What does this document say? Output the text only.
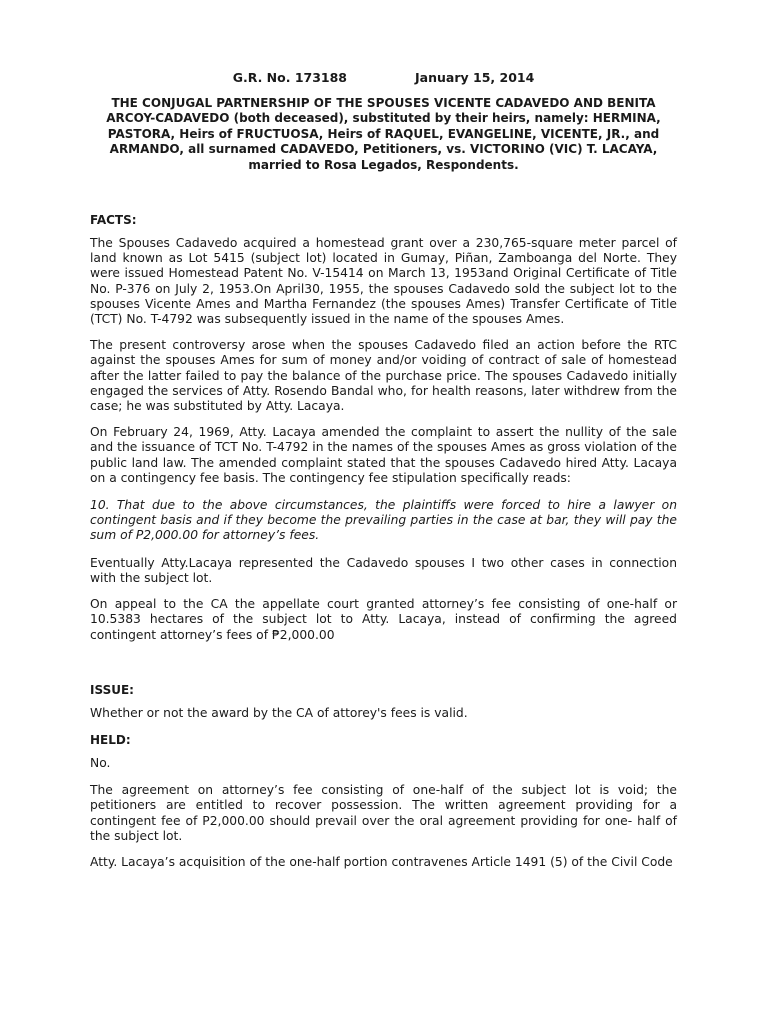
G.R. No. 173188	January 15, 2014

THE CONJUGAL PARTNERSHIP OF THE SPOUSES VICENTE CADAVEDO AND BENITA ARCOY-CADAVEDO (both deceased), substituted by their heirs, namely: HERMINA, PASTORA, Heirs of FRUCTUOSA, Heirs of RAQUEL, EVANGELINE, VICENTE, JR., and ARMANDO, all surnamed CADAVEDO, Petitioners, vs. VICTORINO (VIC) T. LACAYA, married to Rosa Legados, Respondents.

FACTS:

The Spouses Cadavedo acquired a homestead grant over a 230,765-square meter parcel of land known as Lot 5415 (subject lot) located in Gumay, Piñan, Zamboanga del Norte. They were issued Homestead Patent No. V-15414 on March 13, 1953and Original Certificate of Title No. P-376 on July 2, 1953.On April30, 1955, the spouses Cadavedo sold the subject lot to the spouses Vicente Ames and Martha Fernandez (the spouses Ames) Transfer Certificate of Title (TCT) No. T-4792 was subsequently issued in the name of the spouses Ames.

The present controversy arose when the spouses Cadavedo filed an action before the RTC against the spouses Ames for sum of money and/or voiding of contract of sale of homestead after the latter failed to pay the balance of the purchase price. The spouses Cadavedo initially engaged the services of Atty. Rosendo Bandal who, for health reasons, later withdrew from the case; he was substituted by Atty. Lacaya.

On February 24, 1969, Atty. Lacaya amended the complaint to assert the nullity of the sale and the issuance of TCT No. T-4792 in the names of the spouses Ames as gross violation of the public land law. The amended complaint stated that the spouses Cadavedo hired Atty. Lacaya on a contingency fee basis. The contingency fee stipulation specifically reads:

10. That due to the above circumstances, the plaintiffs were forced to hire a lawyer on contingent basis and if they become the prevailing parties in the case at bar, they will pay the sum of P2,000.00 for attorney’s fees.

Eventually Atty.Lacaya represented the Cadavedo spouses I two other cases in connection with the subject lot.

On appeal to the CA the appellate court granted attorney’s fee consisting of one-half or 10.5383 hectares of the subject lot to Atty. Lacaya, instead of confirming the agreed contingent attorney’s fees of ₱2,000.00

ISSUE:

Whether or not the award by the CA of attorey's fees is valid.

HELD:

No.

The agreement on attorney’s fee consisting of one-half of the subject lot is void; the petitioners are entitled to recover possession. The written agreement providing for a contingent fee of P2,000.00 should prevail over the oral agreement providing for one- half of the subject lot.

Atty. Lacaya’s acquisition of the one-half portion contravenes Article 1491 (5) of the Civil Code
